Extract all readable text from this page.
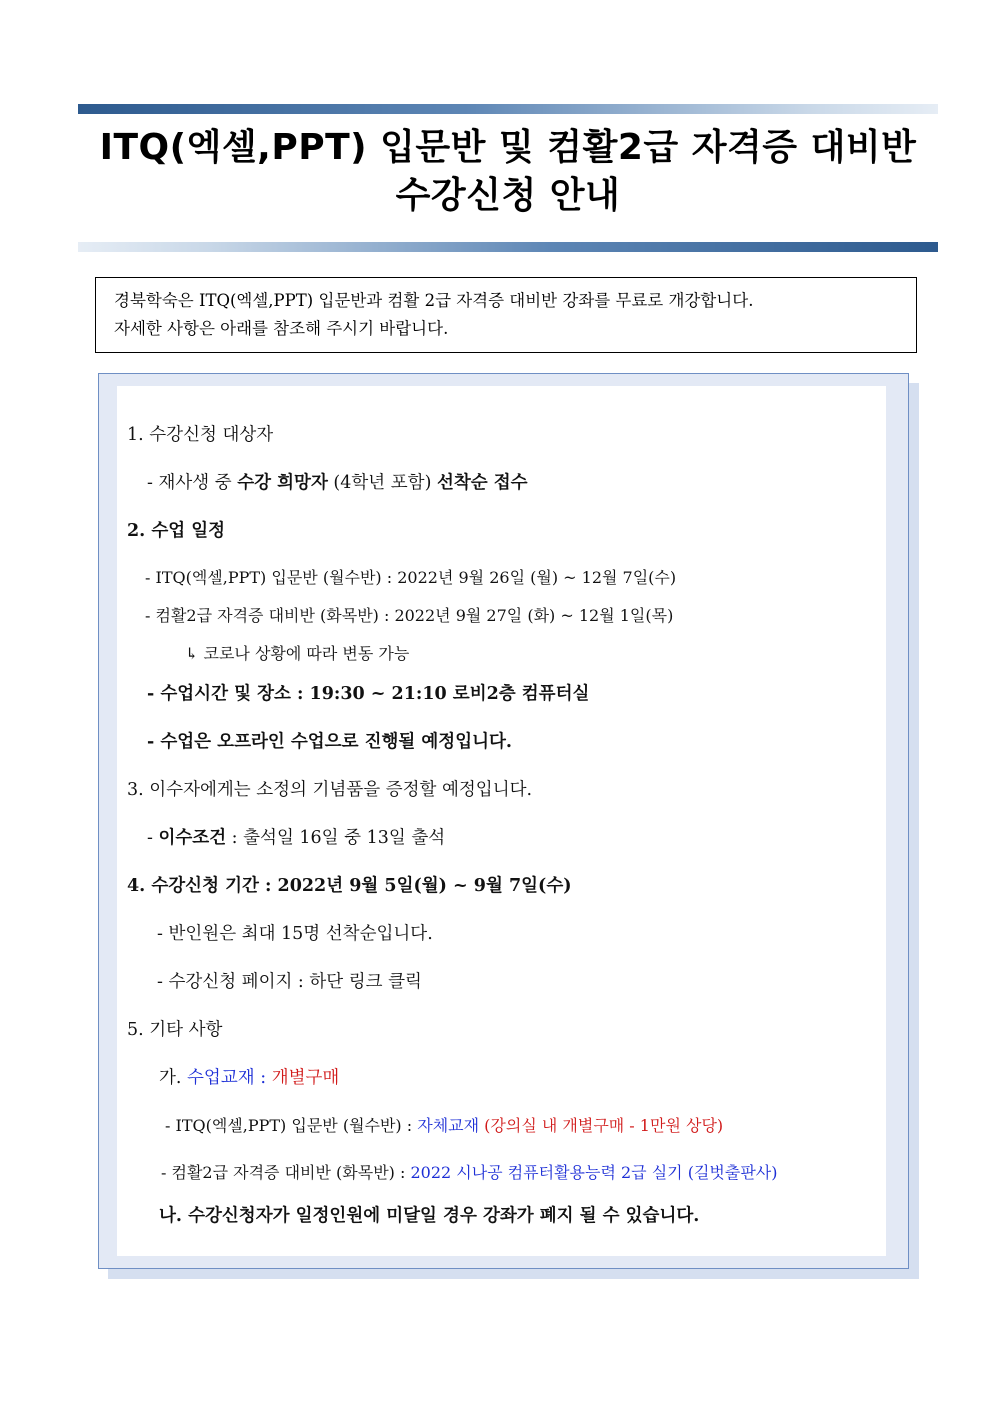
ITQ(엑셀,PPT) 입문반 및 컴활2급 자격증 대비반
수강신청 안내
경북학숙은 ITQ(엑셀,PPT) 입문반과 컴활 2급 자격증 대비반 강좌를 무료로 개강합니다.
자세한 사항은 아래를 참조해 주시기 바랍니다.
1. 수강신청 대상자
- 재사생 중 수강 희망자 (4학년 포함) 선착순 접수
2. 수업 일정
- ITQ(엑셀,PPT) 입문반 (월수반) : 2022년 9월 26일 (월) ~ 12월 7일(수)
- 컴활2급 자격증 대비반 (화목반) : 2022년 9월 27일 (화) ~ 12월 1일(목)
↳ 코로나 상황에 따라 변동 가능
- 수업시간 및 장소 : 19:30 ~ 21:10 로비2층 컴퓨터실
- 수업은 오프라인 수업으로 진행될 예정입니다.
3. 이수자에게는 소정의 기념품을 증정할 예정입니다.
- 이수조건 : 출석일 16일 중 13일 출석
4. 수강신청 기간 : 2022년 9월 5일(월) ~ 9월 7일(수)
- 반인원은 최대 15명 선착순입니다.
- 수강신청 페이지 : 하단 링크 클릭
5. 기타 사항
가. 수업교재 : 개별구매
- ITQ(엑셀,PPT) 입문반 (월수반) : 자체교재 (강의실 내 개별구매 - 1만원 상당)
- 컴활2급 자격증 대비반 (화목반) : 2022 시나공 컴퓨터활용능력 2급 실기 (길벗출판사)
나. 수강신청자가 일정인원에 미달일 경우 강좌가 폐지 될 수 있습니다.
